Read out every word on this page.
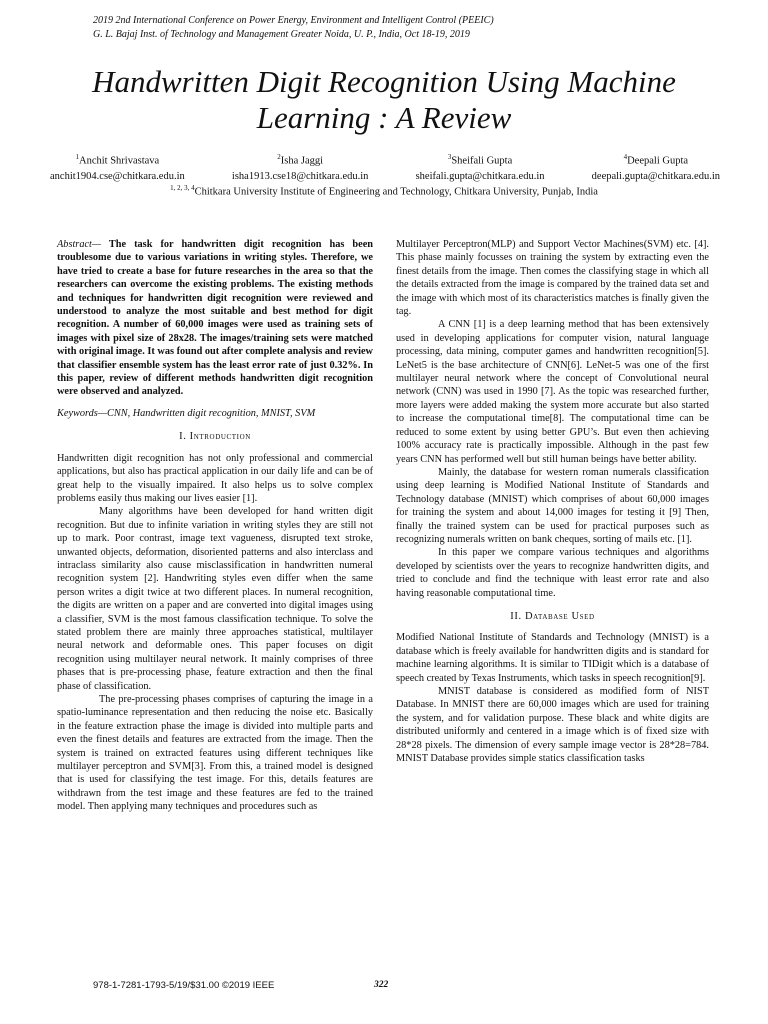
2019 2nd International Conference on Power Energy, Environment and Intelligent Control (PEEIC)
G. L. Bajaj Inst. of Technology and Management Greater Noida, U. P., India, Oct 18-19, 2019
Handwritten Digit Recognition Using Machine Learning : A Review
$^1$Anchit Shrivastava
anchit1904.cse@chitkara.edu.in
$^2$Isha Jaggi
isha1913.cse18@chitkara.edu.in
$^3$Sheifali Gupta
sheifali.gupta@chitkara.edu.in
$^4$Deepali Gupta
deepali.gupta@chitkara.edu.in
$^{1, 2, 3, 4}$Chitkara University Institute of Engineering and Technology, Chitkara University, Punjab, India

Abstract— The task for handwritten digit recognition has been troublesome due to various variations in writing styles. Therefore, we have tried to create a base for future researches in the area so that the researchers can overcome the existing problems. The existing methods and techniques for handwritten digit recognition were reviewed and understood to analyze the most suitable and best method for digit recognition. A number of 60,000 images were used as training sets of images with pixel size of 28x28. The images/training sets were matched with original image. It was found out after complete analysis and review that classifier ensemble system has the least error rate of just 0.32%. In this paper, review of different methods handwritten digit recognition were observed and analyzed.

Keywords—CNN, Handwritten digit recognition, MNIST, SVM

I. Introduction

Handwritten digit recognition has not only professional and commercial applications, but also has practical application in our daily life and can be of great help to the visually impaired. It also helps us to solve complex problems easily thus making our lives easier [1].

Many algorithms have been developed for hand written digit recognition. But due to infinite variation in writing styles they are still not up to mark. Poor contrast, image text vagueness, disrupted text stroke, unwanted objects, deformation, disoriented patterns and also interclass and intraclass similarity also cause misclassification in handwritten numeral recognition system [2]. Handwriting styles even differ when the same person writes a digit twice at two different places. In numeral recognition, the digits are written on a paper and are converted into digital images using a classifier, SVM is the most famous classification technique. To solve the stated problem there are mainly three approaches statistical, multilayer neural network and deformable ones. This paper focuses on digit recognition using multilayer neural network. It mainly comprises of three phases that is pre-processing phase, feature extraction and then the final phase of classification.

The pre-processing phases comprises of capturing the image in a spatio-luminance representation and then reducing the noise etc. Basically in the feature extraction phase the image is divided into multiple parts and even the finest details and features are extracted from the image. Then the system is trained on extracted features using different techniques like multilayer perceptron and SVM[3]. From this, a trained model is designed that is used for classifying the test image. For this, details features are withdrawn from the test image and these features are fed to the trained model. Then applying many techniques and procedures such as

Multilayer Perceptron(MLP) and Support Vector Machines(SVM) etc. [4]. This phase mainly focusses on training the system by extracting even the finest details from the image. Then comes the classifying stage in which all the details extracted from the image is compared by the trained data set and the image with which most of its characteristics matches is finally given the tag.

A CNN [1] is a deep learning method that has been extensively used in developing applications for computer vision, natural language processing, data mining, computer games and handwritten recognition[5]. LeNet5 is the base architecture of CNN[6]. LeNet-5 was one of the first multilayer neural network where the concept of Convolutional neural network (CNN) was used in 1990 [7]. As the topic was researched further, more layers were added making the system more accurate but also started to increase the computational time[8]. The computational time can be reduced to some extent by using better GPU’s. But even then achieving 100% accuracy rate is practically impossible. Although in the past few years CNN has performed well but still human beings have better ability.

Mainly, the database for western roman numerals classification using deep learning is Modified National Institute of Standards and Technology database (MNIST) which comprises of about 60,000 images for training the system and about 14,000 images for testing it [9] Then, finally the trained system can be used for practical purposes such as recognizing numerals written on bank cheques, sorting of mails etc. [1].

In this paper we compare various techniques and algorithms developed by scientists over the years to recognize handwritten digits, and tried to conclude and find the technique with least error rate and also having reasonable computational time.

II. Database Used

Modified National Institute of Standards and Technology (MNIST) is a database which is freely available for handwritten digits and is standard for machine learning algorithms. It is similar to TIDigit which is a database of speech created by Texas Instruments, which tasks in speech recognition[9].

MNIST database is considered as modified form of NIST Database. In MNIST there are 60,000 images which are used for training the system, and for validation purpose. These black and white digits are distributed uniformly and centered in a image which is of fixed size with 28*28 pixels. The dimension of every sample image vector is 28*28=784. MNIST Database provides simple statics classification tasks

978-1-7281-1793-5/19/$31.00 ©2019 IEEE	322
